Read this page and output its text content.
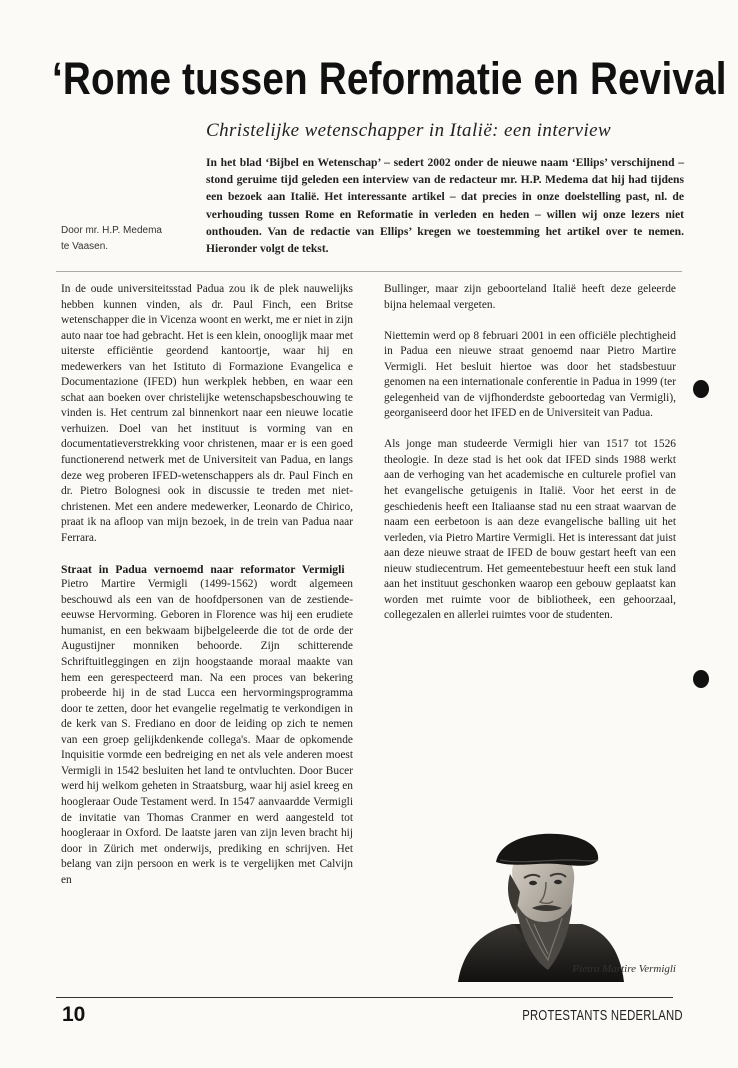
‘Rome tussen Reformatie en Revival
Christelijke wetenschapper in Italië: een interview

In het blad ‘Bijbel en Wetenschap’ – sedert 2002 onder de nieuwe naam ‘Ellips’ verschijnend – stond geruime tijd geleden een interview van de redacteur mr. H.P. Medema dat hij had tijdens een bezoek aan Italië. Het interessante artikel – dat precies in onze doelstelling past, nl. de verhouding tussen Rome en Reformatie in verleden en heden – willen wij onze lezers niet onthouden. Van de redactie van Ellips’ kregen we toestemming het artikel over te nemen. Hieronder volgt de tekst.

Door mr. H.P. Medema
te Vaasen.

In de oude universiteitsstad Padua zou ik de plek nauwelijks hebben kunnen vinden, als dr. Paul Finch, een Britse wetenschapper die in Vicenza woont en werkt, me er niet in zijn auto naar toe had gebracht. Het is een klein, onooglijk maar met uiterste efficiëntie geordend kantoortje, waar hij en medewerkers van het Istituto di Formazione Evangelica e Documentazione (IFED) hun werkplek hebben, en waar een schat aan boeken over christelijke wetenschapsbeschouwing te vinden is. Het centrum zal binnenkort naar een nieuwe locatie verhuizen. Doel van het instituut is vorming van en documentatieverstrekking voor christenen, maar er is een goed functionerend netwerk met de Universiteit van Padua, en langs deze weg proberen IFED-wetenschappers als dr. Paul Finch en dr. Pietro Bolognesi ook in discussie te treden met niet-christenen. Met een andere medewerker, Leonardo de Chirico, praat ik na afloop van mijn bezoek, in de trein van Padua naar Ferrara.

Straat in Padua vernoemd naar reformator Vermigli

Pietro Martire Vermigli (1499-1562) wordt algemeen beschouwd als een van de hoofdpersonen van de zestiende-eeuwse Hervorming. Geboren in Florence was hij een erudiete humanist, en een bekwaam bijbelgeleerde die tot de orde der Augustijner monniken behoorde. Zijn schitterende Schriftuitleggingen en zijn hoogstaande moraal maakte van hem een gerespecteerd man. Na een proces van bekering probeerde hij in de stad Lucca een hervormingsprogramma door te zetten, door het evangelie regelmatig te verkondigen in de kerk van S. Frediano en door de leiding op zich te nemen van een groep gelijkdenkende collega's. Maar de opkomende Inquisitie vormde een bedreiging en net als vele anderen moest Vermigli in 1542 besluiten het land te ontvluchten. Door Bucer werd hij welkom geheten in Straatsburg, waar hij asiel kreeg en hoogleraar Oude Testament werd. In 1547 aanvaardde Vermigli de invitatie van Thomas Cranmer en werd aangesteld tot hoogleraar in Oxford. De laatste jaren van zijn leven bracht hij door in Zürich met onderwijs, prediking en schrijven. Het belang van zijn persoon en werk is te vergelijken met Calvijn en

Bullinger, maar zijn geboorteland Italië heeft deze geleerde bijna helemaal vergeten.

Niettemin werd op 8 februari 2001 in een officiële plechtigheid in Padua een nieuwe straat genoemd naar Pietro Martire Vermigli. Het besluit hiertoe was door het stadsbestuur genomen na een internationale conferentie in Padua in 1999 (ter gelegenheid van de vijfhonderdste geboortedag van Vermigli), georganiseerd door het IFED en de Universiteit van Padua.

Als jonge man studeerde Vermigli hier van 1517 tot 1526 theologie. In deze stad is het ook dat IFED sinds 1988 werkt aan de verhoging van het academische en culturele profiel van het evangelische getuigenis in Italië. Voor het eerst in de geschiedenis heeft een Italiaanse stad nu een straat waarvan de naam een eerbetoon is aan deze evangelische balling uit het verleden, via Pietro Martire Vermigli. Het is interessant dat juist aan deze nieuwe straat de IFED de bouw gestart heeft van een nieuw studiecentrum. Het gemeentebestuur heeft een stuk land aan het instituut geschonken waarop een gebouw geplaatst kan worden met ruimte voor de bibliotheek, een gehoorzaal, collegezalen en allerlei ruimtes voor de studenten.

Pietro Martire Vermigli

10	PROTESTANTS NEDERLAND
